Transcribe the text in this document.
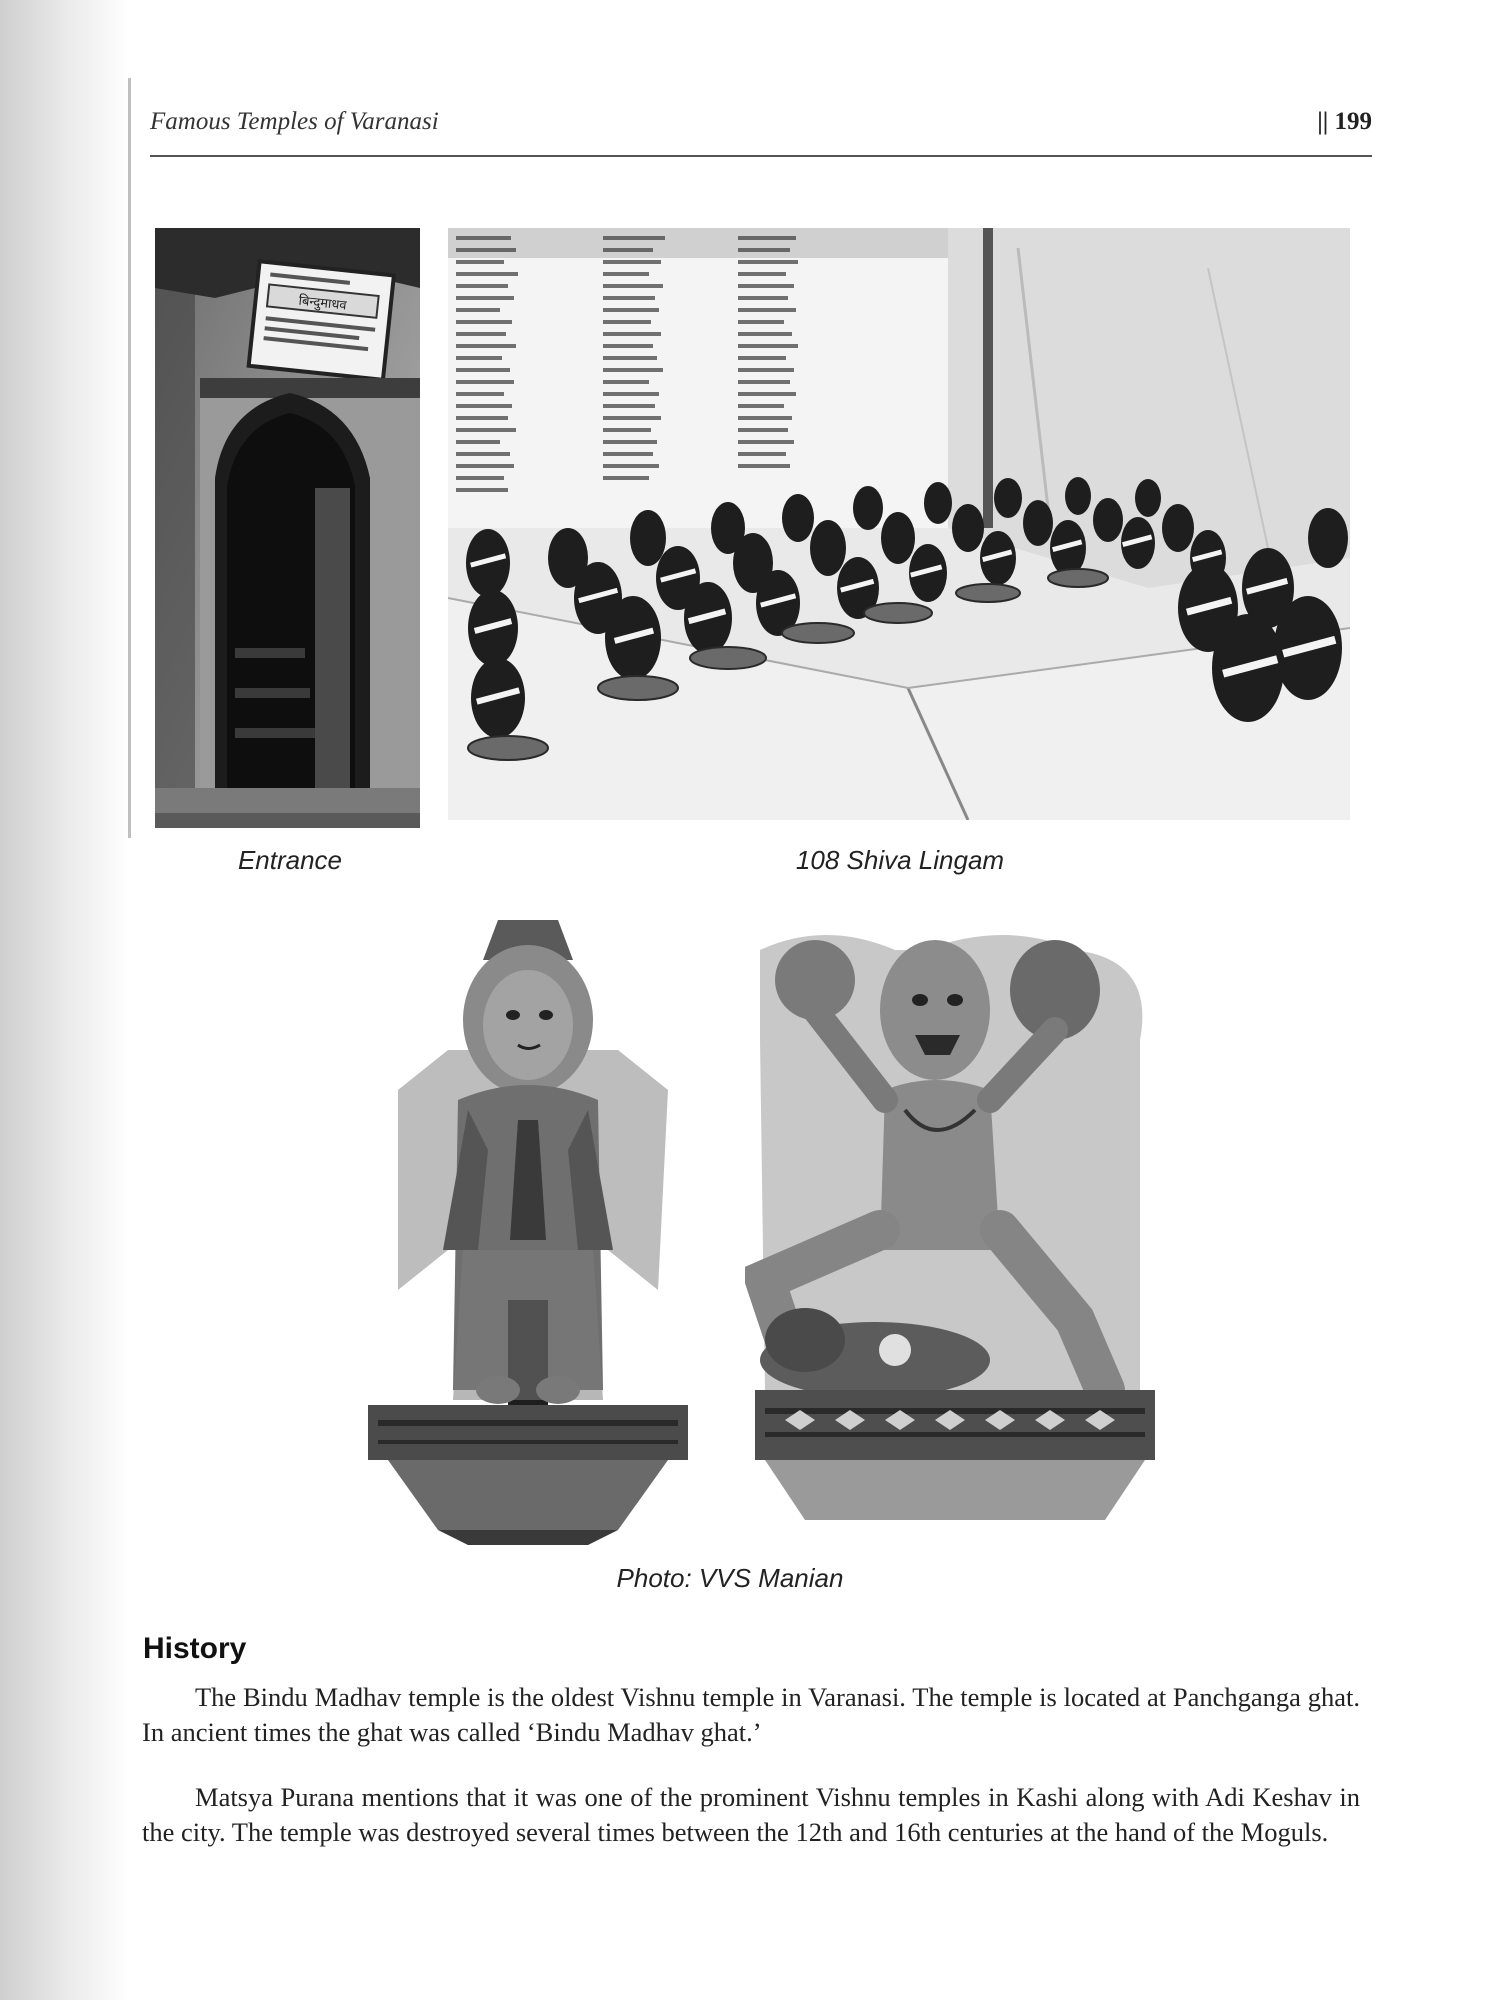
Famous Temples of Varanasi	|| 199
बिन्दुमाधव
Entrance	108 Shiva Lingam
Photo: VVS Manian
History

The Bindu Madhav temple is the oldest Vishnu temple in Varanasi. The temple is located at Panchganga ghat. In ancient times the ghat was called ‘Bindu Madhav ghat.’

Matsya Purana mentions that it was one of the prominent Vishnu temples in Kashi along with Adi Keshav in the city. The temple was destroyed several times between the 12th and 16th centuries at the hand of the Moguls.
